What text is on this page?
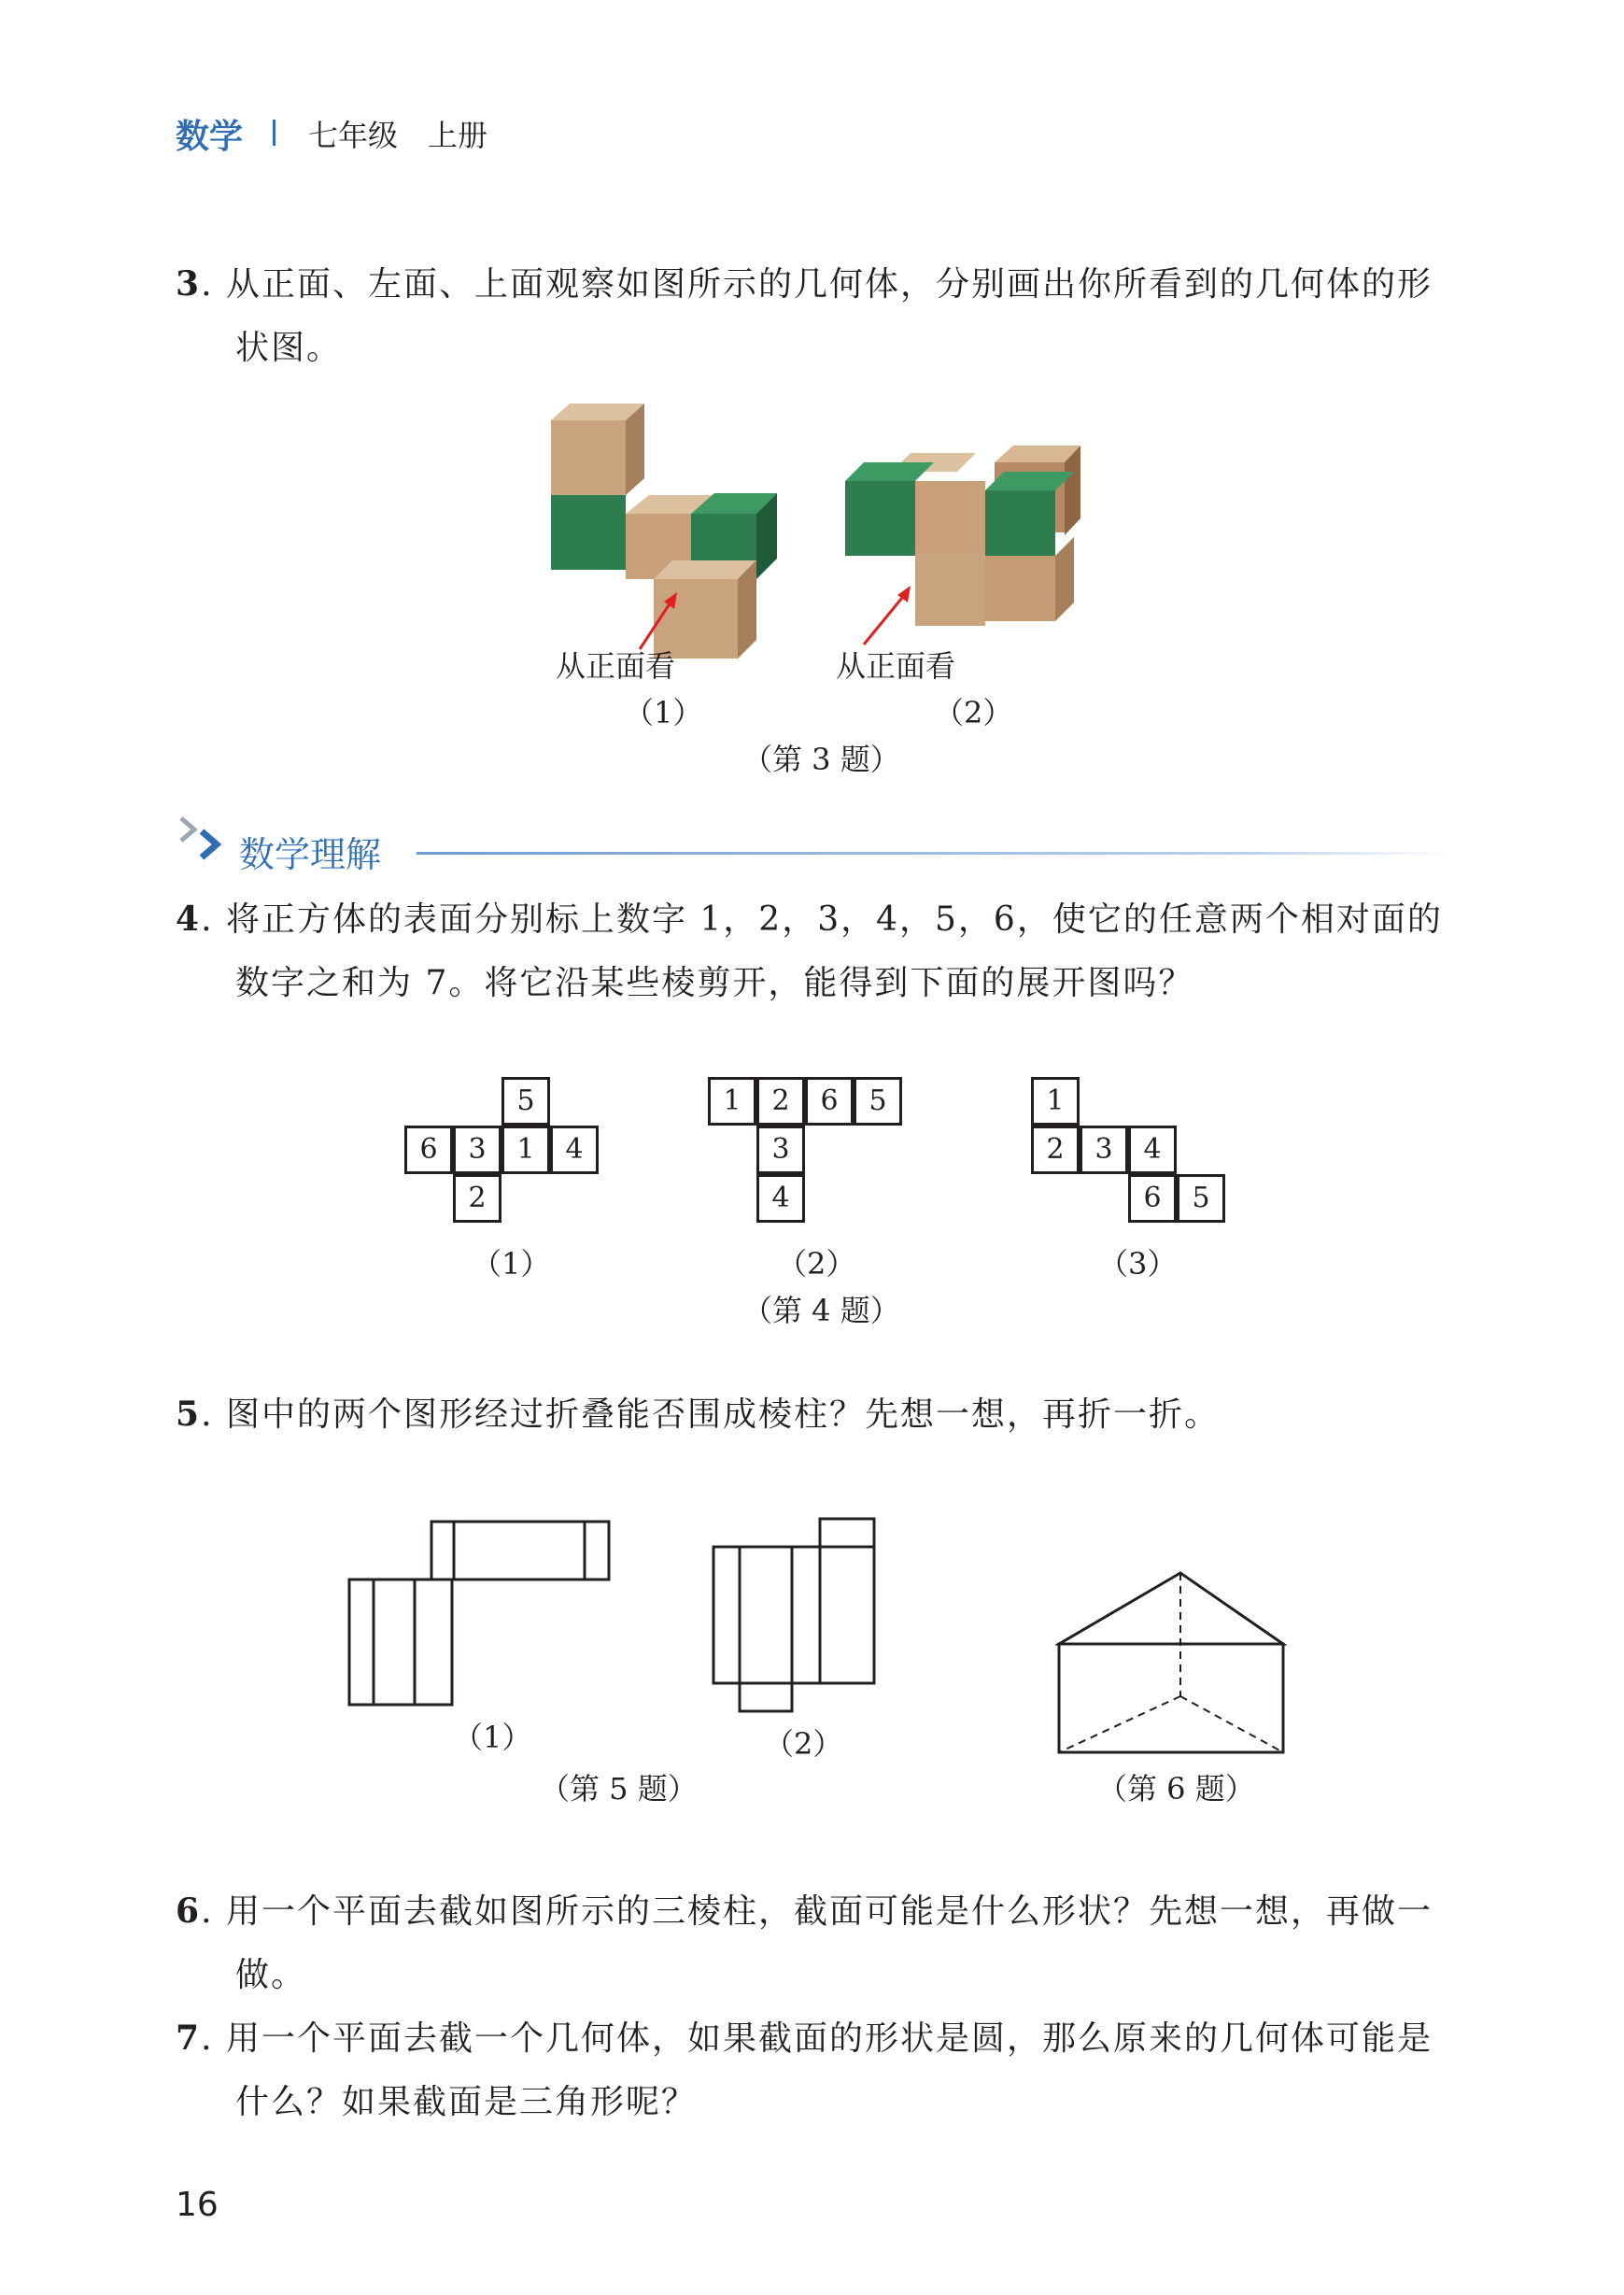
数学 七年级　上册
3. 从正面、左面、上面观察如图所示的几何体，分别画出你所看到的几何体的形状图。
从正面看
（1）
从正面看
（2）
（第 3 题）
数学理解
4. 将正方体的表面分别标上数字 1，2，3，4，5，6，使它的任意两个相对面的数字之和为 7。将它沿某些棱剪开，能得到下面的展开图吗？
5
6	3	1	4
2
（1）
1	2	6	5
3
4
（2）
1
2	3	4
6	5
（3）
（第 4 题）
5. 图中的两个图形经过折叠能否围成棱柱？先想一想，再折一折。
（1）	（2）
（第 5 题）	（第 6 题）
6. 用一个平面去截如图所示的三棱柱，截面可能是什么形状？先想一想，再做一做。
7. 用一个平面去截一个几何体，如果截面的形状是圆，那么原来的几何体可能是什么？如果截面是三角形呢？
16
